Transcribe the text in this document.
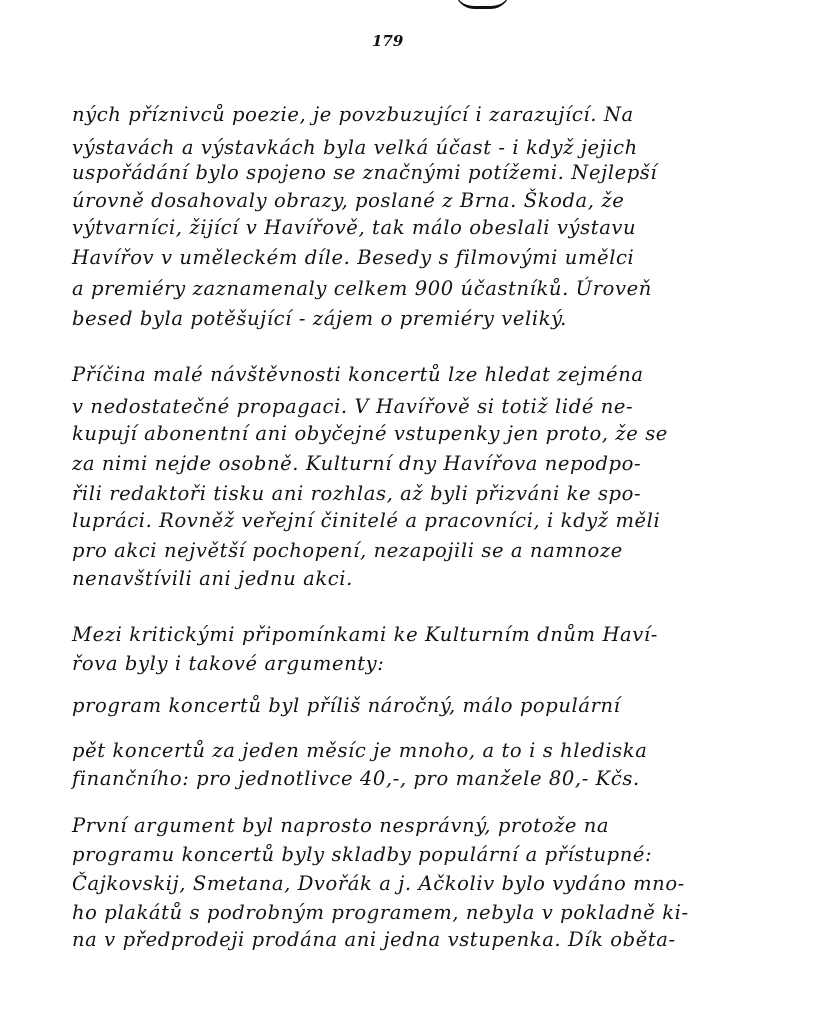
179
ných příznivců poezie, je povzbuzující i zarazující. Na
výstavách a výstavkách byla velká účast - i když jejich
uspořádání bylo spojeno se značnými potížemi. Nejlepší
úrovně dosahovaly obrazy, poslané z Brna. Škoda, že
výtvarníci, žijící v Havířově, tak málo obeslali výstavu
Havířov v uměleckém díle. Besedy s filmovými umělci
a premiéry zaznamenaly celkem 900 účastníků. Úroveň
besed byla potěšující - zájem o premiéry veliký.
Příčina malé návštěvnosti koncertů lze hledat zejména
v nedostatečné propagaci. V Havířově si totiž lidé ne-
kupují abonentní ani obyčejné vstupenky jen proto, že se
za nimi nejde osobně. Kulturní dny Havířova nepodpo-
řili redaktoři tisku ani rozhlas, až byli přizváni ke spo-
lupráci. Rovněž veřejní činitelé a pracovníci, i když měli
pro akci největší pochopení, nezapojili se a namnoze
nenavštívili ani jednu akci.
Mezi kritickými připomínkami ke Kulturním dnům Haví-
řova byly i takové argumenty:
program koncertů byl příliš náročný, málo populární
pět koncertů za jeden měsíc je mnoho, a to i s hlediska
finančního: pro jednotlivce 40,-, pro manžele 80,- Kčs.
První argument byl naprosto nesprávný, protože na
programu koncertů byly skladby populární a přístupné:
Čajkovskij, Smetana, Dvořák a j. Ačkoliv bylo vydáno mno-
ho plakátů s podrobným programem, nebyla v pokladně ki-
na v předprodeji prodána ani jedna vstupenka. Dík oběta-
